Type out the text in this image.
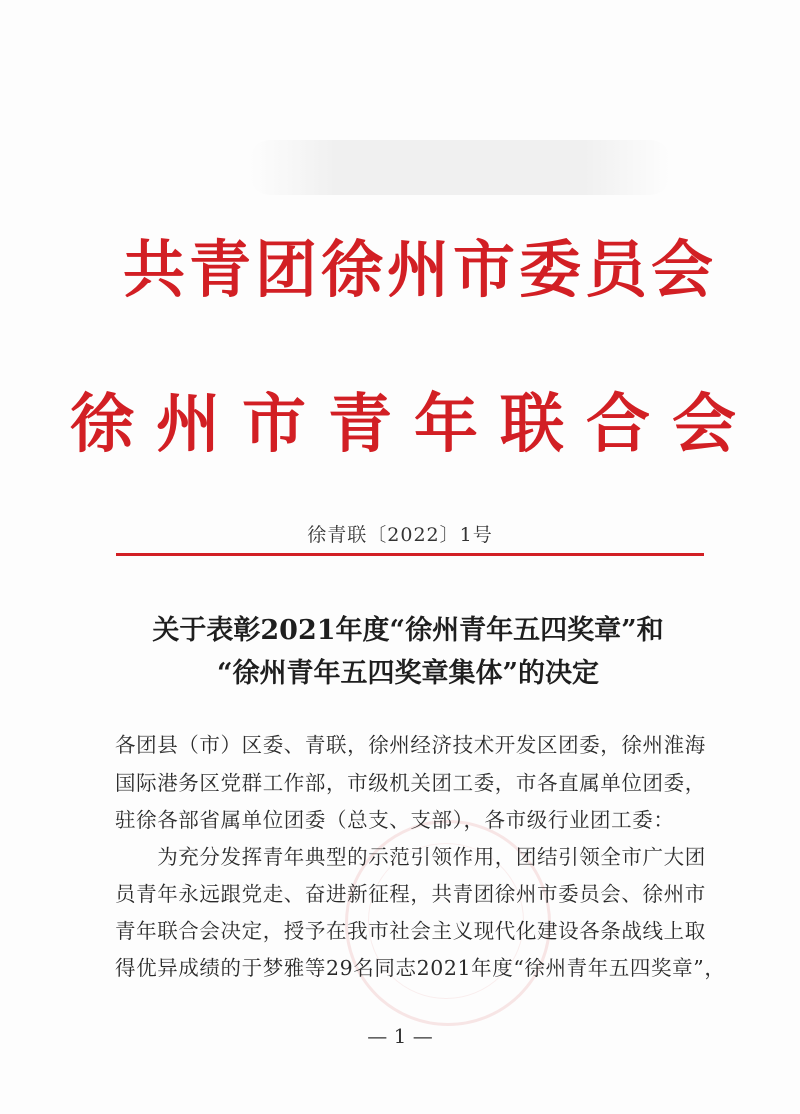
共青团徐州市委员会
徐州市青年联合会
徐青联〔2022〕1号
关于表彰2021年度“徐州青年五四奖章”和
“徐州青年五四奖章集体”的决定
各团县（市）区委、青联，徐州经济技术开发区团委，徐州淮海
国际港务区党群工作部，市级机关团工委，市各直属单位团委，
驻徐各部省属单位团委（总支、支部），各市级行业团工委：
　　为充分发挥青年典型的示范引领作用，团结引领全市广大团
员青年永远跟党走、奋进新征程，共青团徐州市委员会、徐州市
青年联合会决定，授予在我市社会主义现代化建设各条战线上取
得优异成绩的于梦雅等29名同志2021年度“徐州青年五四奖章”，
— 1 —
